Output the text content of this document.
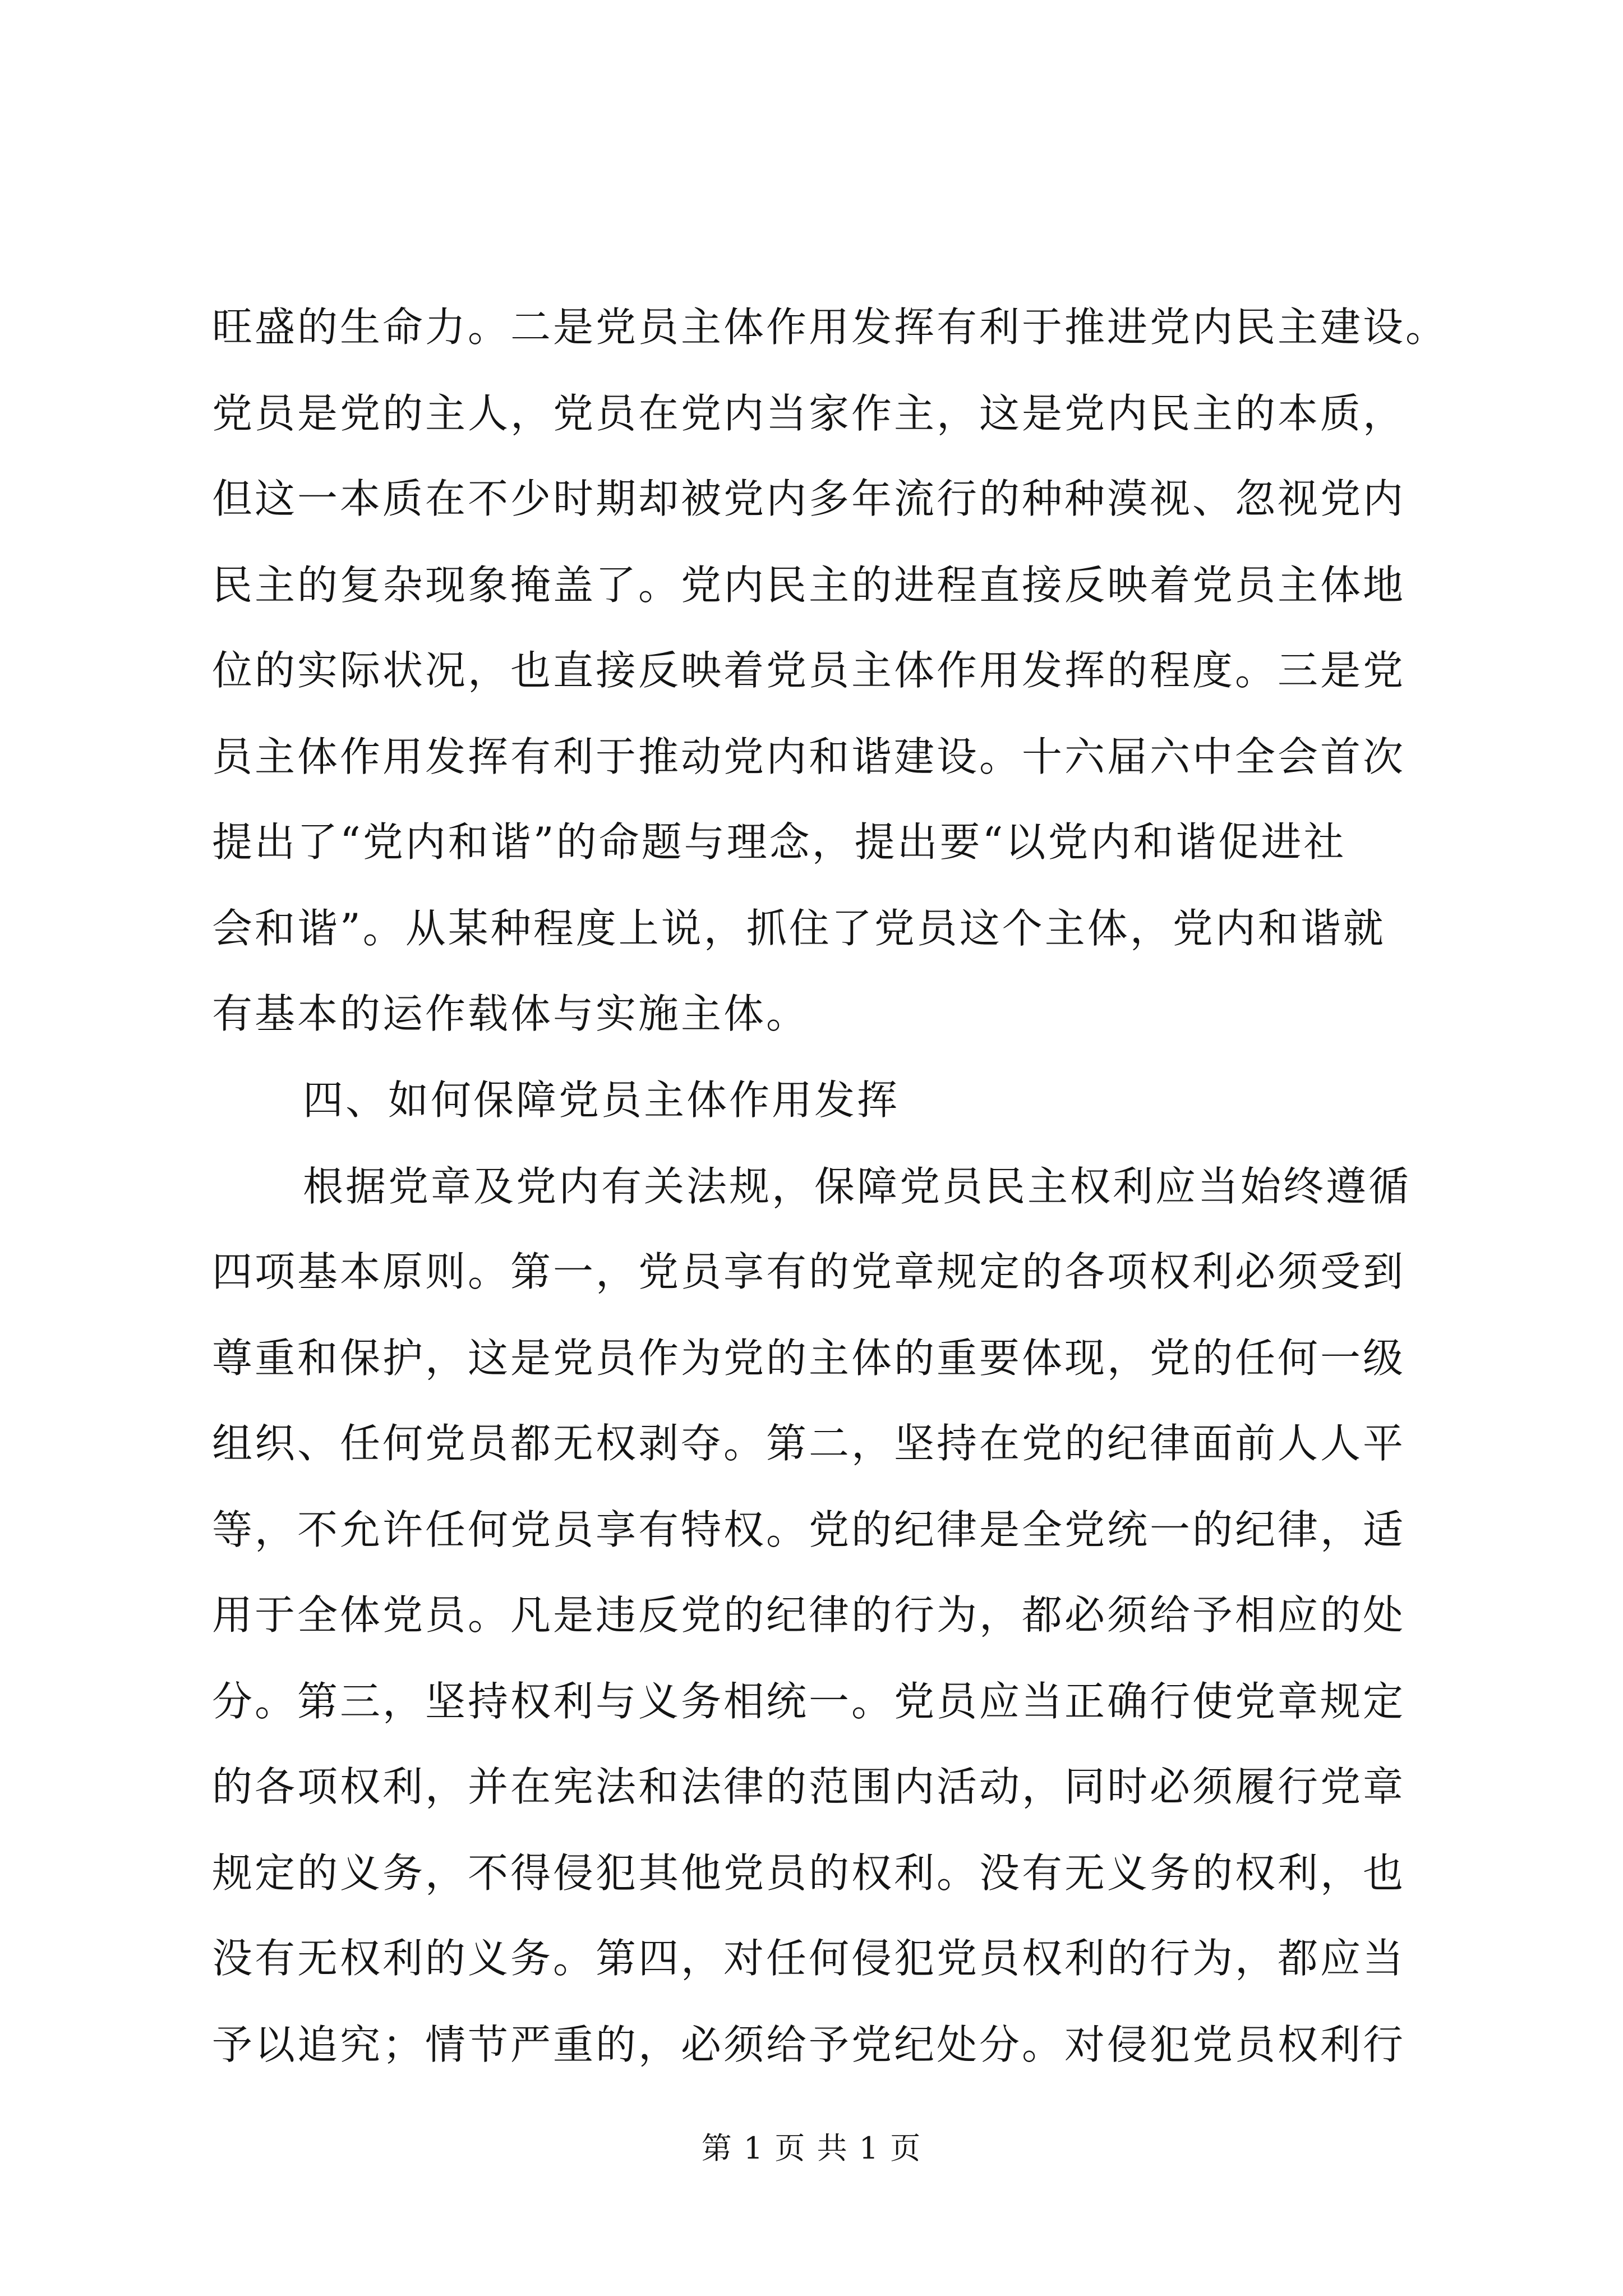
旺盛的生命力。二是党员主体作用发挥有利于推进党内民主建设。
党员是党的主人，党员在党内当家作主，这是党内民主的本质，
但这一本质在不少时期却被党内多年流行的种种漠视、忽视党内
民主的复杂现象掩盖了。党内民主的进程直接反映着党员主体地
位的实际状况，也直接反映着党员主体作用发挥的程度。三是党
员主体作用发挥有利于推动党内和谐建设。十六届六中全会首次
提出了“党内和谐”的命题与理念，提出要“以党内和谐促进社
会和谐”。从某种程度上说，抓住了党员这个主体，党内和谐就
有基本的运作载体与实施主体。
四、如何保障党员主体作用发挥
根据党章及党内有关法规，保障党员民主权利应当始终遵循
四项基本原则。第一，党员享有的党章规定的各项权利必须受到
尊重和保护，这是党员作为党的主体的重要体现，党的任何一级
组织、任何党员都无权剥夺。第二，坚持在党的纪律面前人人平
等，不允许任何党员享有特权。党的纪律是全党统一的纪律，适
用于全体党员。凡是违反党的纪律的行为，都必须给予相应的处
分。第三，坚持权利与义务相统一。党员应当正确行使党章规定
的各项权利，并在宪法和法律的范围内活动，同时必须履行党章
规定的义务，不得侵犯其他党员的权利。没有无义务的权利，也
没有无权利的义务。第四，对任何侵犯党员权利的行为，都应当
予以追究；情节严重的，必须给予党纪处分。对侵犯党员权利行
第 1 页 共 1 页
